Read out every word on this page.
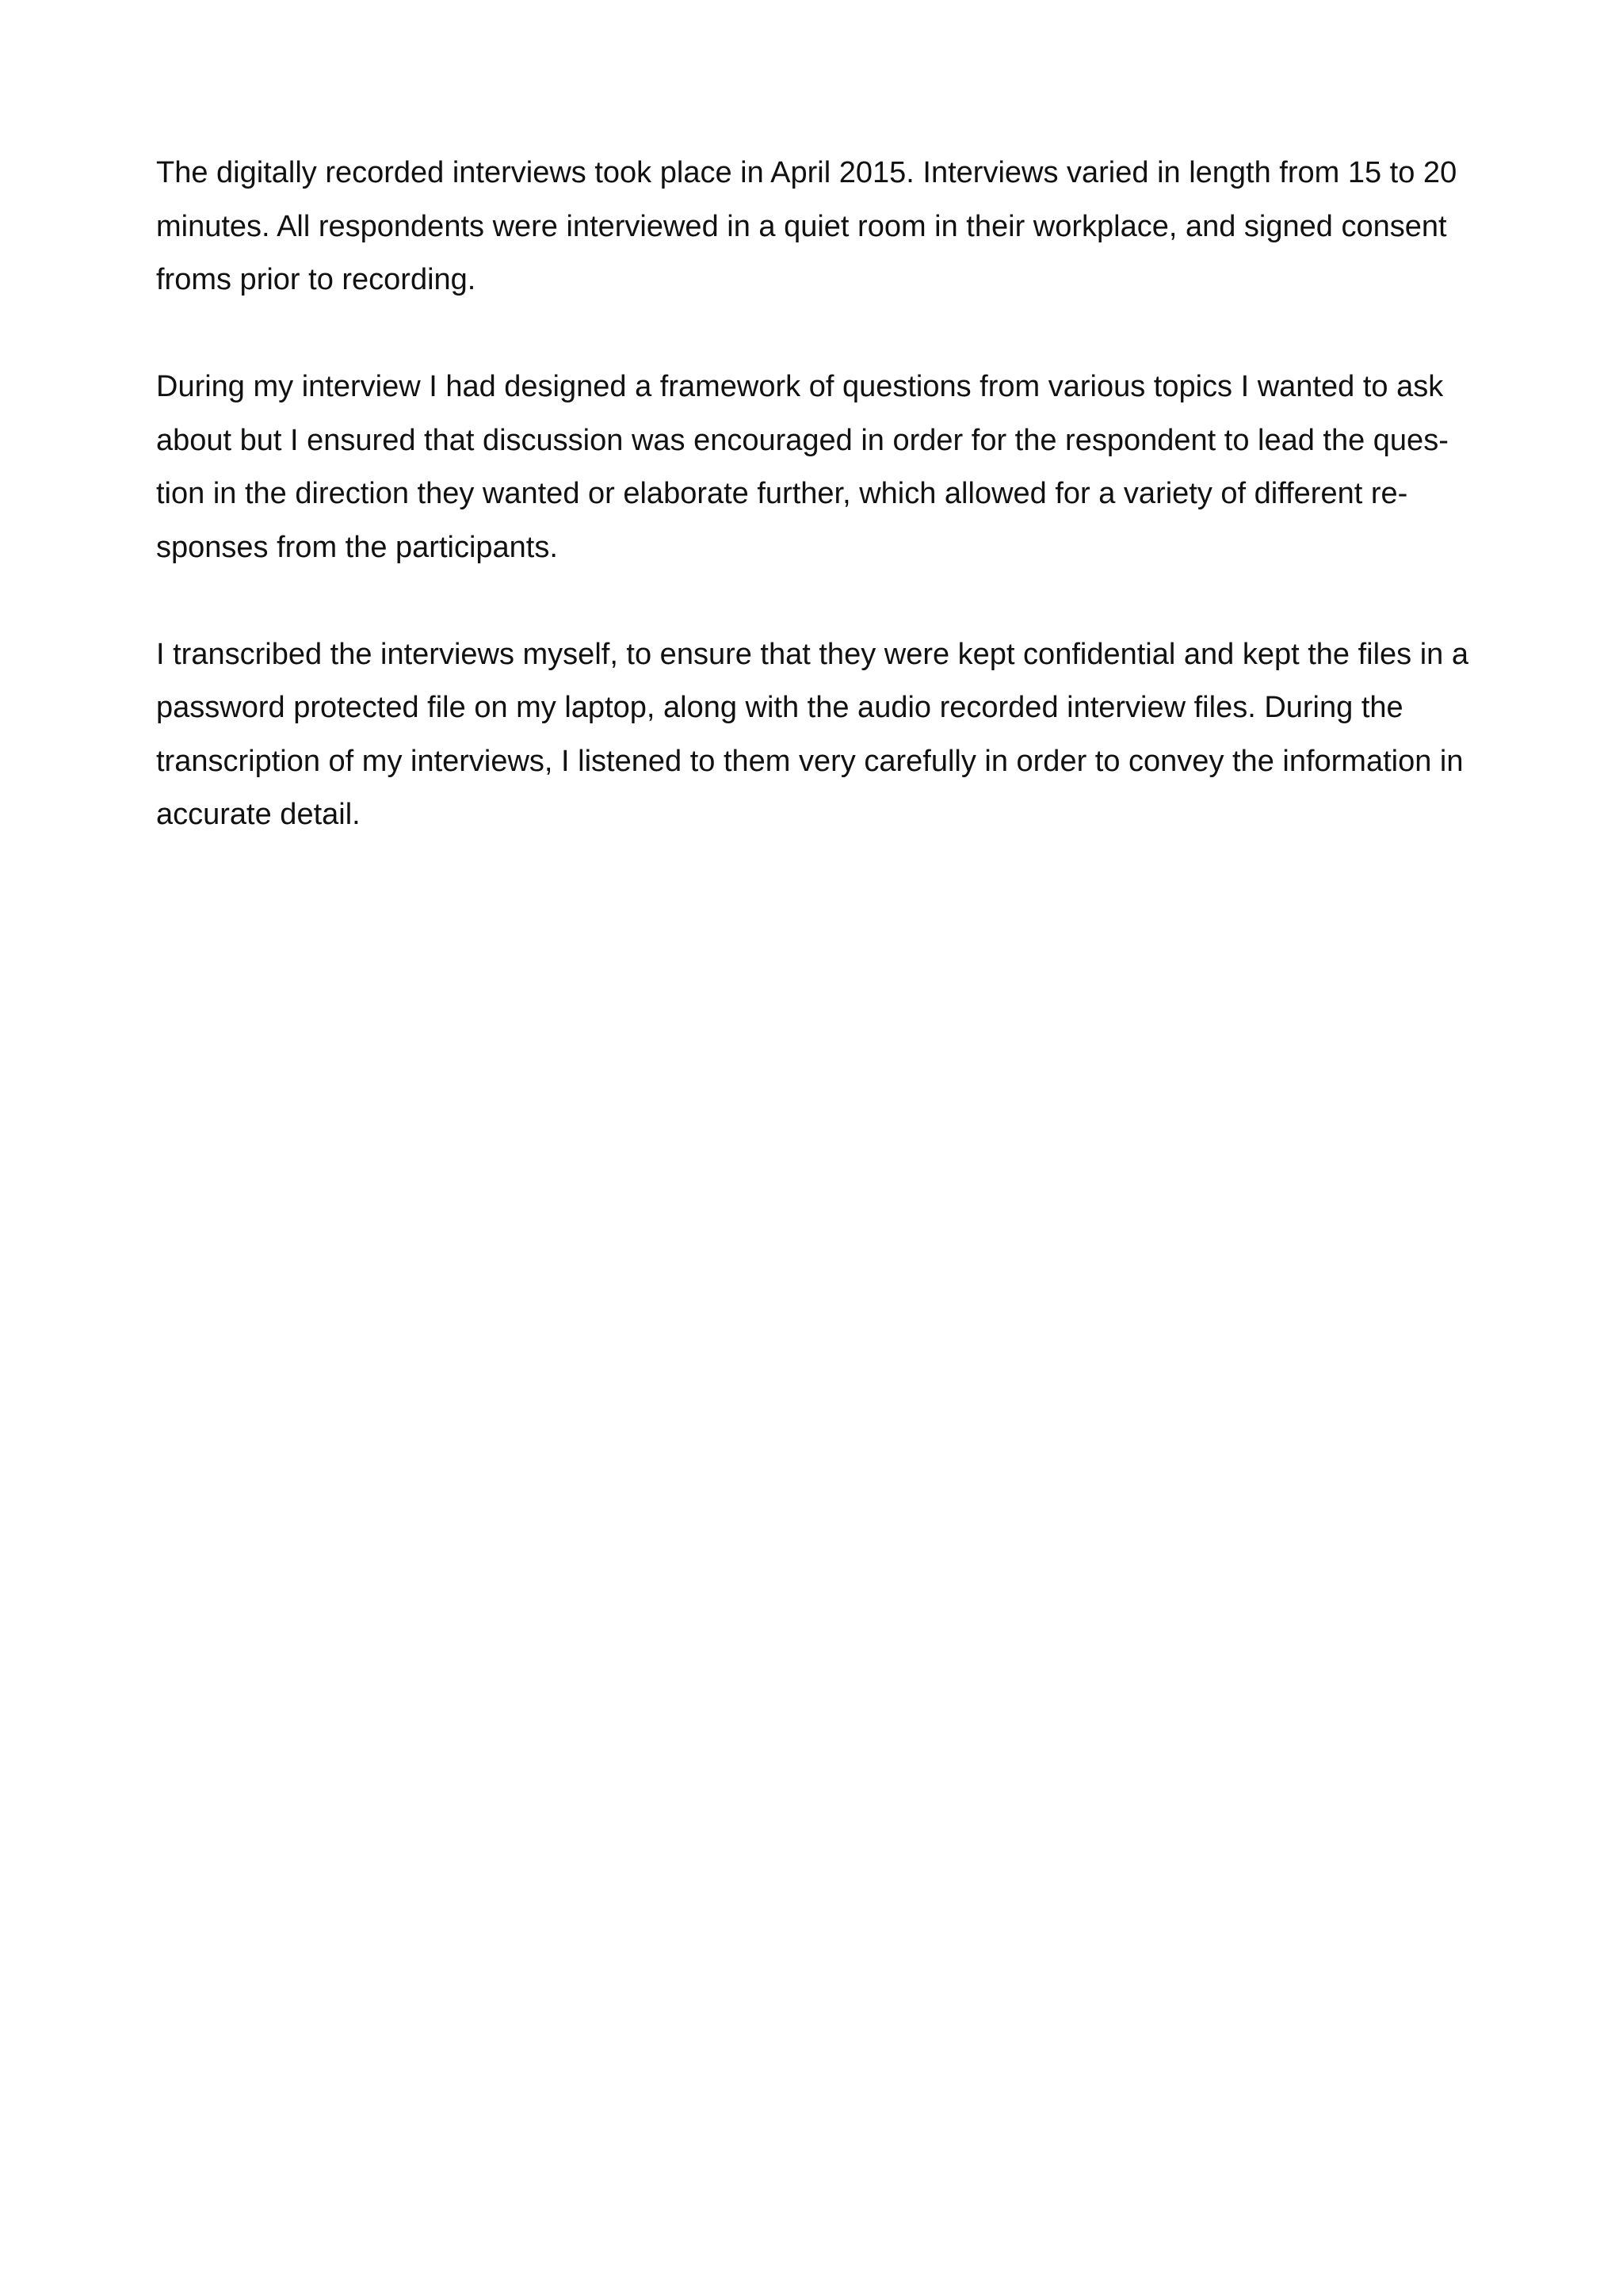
The digitally recorded interviews took place in April 2015. Interviews varied in length from 15 to 20
minutes. All respondents were interviewed in a quiet room in their workplace, and signed consent
froms prior to recording.
During my interview I had designed a framework of questions from various topics I wanted to ask
about but I ensured that discussion was encouraged in order for the respondent to lead the ques-
tion in the direction they wanted or elaborate further, which allowed for a variety of different re-
sponses from the participants.
I transcribed the interviews myself, to ensure that they were kept confidential and kept the files in a
password protected file on my laptop, along with the audio recorded interview files. During the
transcription of my interviews, I listened to them very carefully in order to convey the information in
accurate detail.
